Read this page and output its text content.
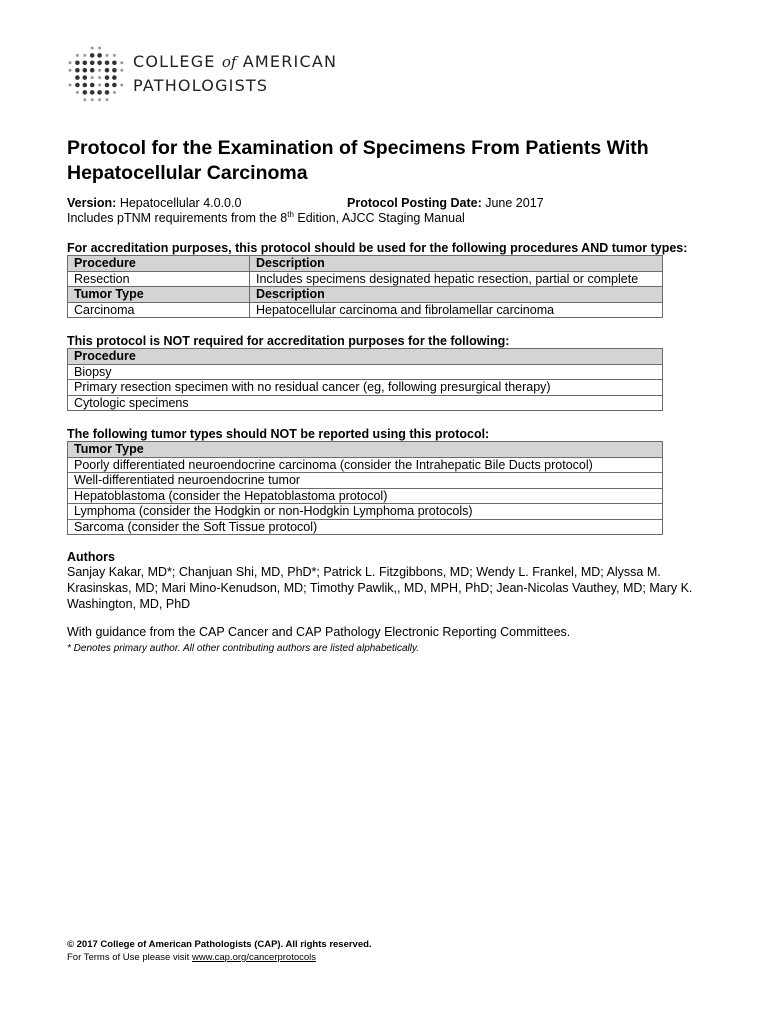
COLLEGE of AMERICAN
PATHOLOGISTS
Protocol for the Examination of Specimens From Patients With Hepatocellular Carcinoma
Version: Hepatocellular 4.0.0.0	Protocol Posting Date: June 2017
Includes pTNM requirements from the 8th Edition, AJCC Staging Manual
For accreditation purposes, this protocol should be used for the following procedures AND tumor types:
Procedure	Description
Resection	Includes specimens designated hepatic resection, partial or complete
Tumor Type	Description
Carcinoma	Hepatocellular carcinoma and fibrolamellar carcinoma
This protocol is NOT required for accreditation purposes for the following:
Procedure
Biopsy
Primary resection specimen with no residual cancer (eg, following presurgical therapy)
Cytologic specimens
The following tumor types should NOT be reported using this protocol:
Tumor Type
Poorly differentiated neuroendocrine carcinoma (consider the Intrahepatic Bile Ducts protocol)
Well-differentiated neuroendocrine tumor
Hepatoblastoma (consider the Hepatoblastoma protocol)
Lymphoma (consider the Hodgkin or non-Hodgkin Lymphoma protocols)
Sarcoma (consider the Soft Tissue protocol)
Authors
Sanjay Kakar, MD*; Chanjuan Shi, MD, PhD*; Patrick L. Fitzgibbons, MD; Wendy L. Frankel, MD; Alyssa M. Krasinskas, MD; Mari Mino-Kenudson, MD; Timothy Pawlik,, MD, MPH, PhD; Jean-Nicolas Vauthey, MD; Mary K. Washington, MD, PhD
With guidance from the CAP Cancer and CAP Pathology Electronic Reporting Committees.
* Denotes primary author. All other contributing authors are listed alphabetically.
© 2017 College of American Pathologists (CAP). All rights reserved.
For Terms of Use please visit www.cap.org/cancerprotocols
